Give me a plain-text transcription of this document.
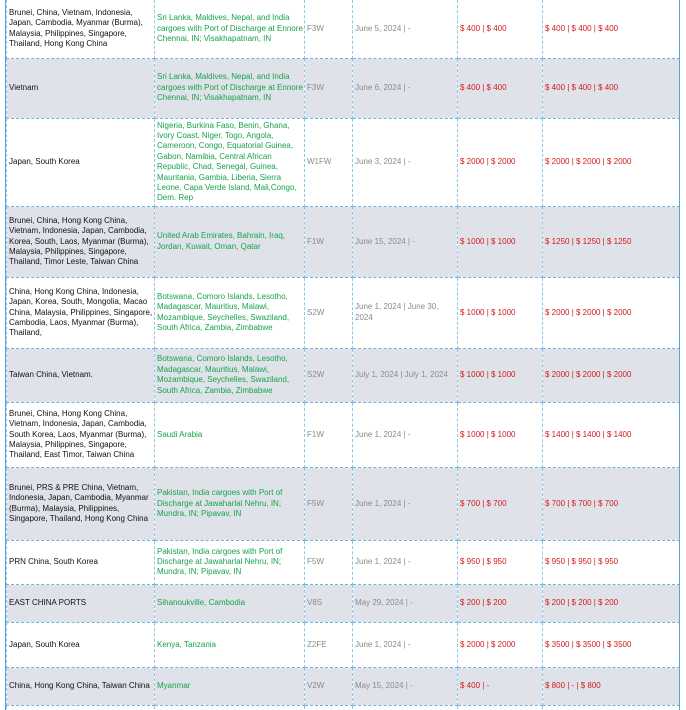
Brunei, China, Vietnam, Indonesia, Japan, Cambodia, Myanmar (Burma), Malaysia, Philippines, Singapore, Thailand, Hong Kong China	Sri Lanka, Maldives, Nepal, and India cargoes with Port of Discharge at Ennore Chennai, IN; Visakhapatnam, IN	F3W	June 5, 2024 | -	$ 400 | $ 400	$ 400 | $ 400 | $ 400
Vietnam	Sri Lanka, Maldives, Nepal, and India cargoes with Port of Discharge at Ennore Chennai, IN; Visakhapatnam, IN	F3W	June 6, 2024 | -	$ 400 | $ 400	$ 400 | $ 400 | $ 400
Japan, South Korea	Nigeria, Burkina Faso, Benin, Ghana, Ivory Coast, Niger, Togo, Angola, Cameroon, Congo, Equatorial Guinea, Gabon, Namibia, Central African Republic, Chad, Senegal, Guinea, Mauritania, Gambia, Liberia, Sierra Leone, Capa Verde Island, Mali,Congo, Dem. Rep	W1FW	June 3, 2024 | -	$ 2000 | $ 2000	$ 2000 | $ 2000 | $ 2000
Brunei, China, Hong Kong China, Vietnam, Indonesia, Japan, Cambodia, Korea, South, Laos, Myanmar (Burma), Malaysia, Philippines, Singapore, Thailand, Timor Leste, Taiwan China	United Arab Emirates, Bahrain, Iraq, Jordan, Kuwait, Oman, Qatar	F1W	June 15, 2024 | -	$ 1000 | $ 1000	$ 1250 | $ 1250 | $ 1250
China, Hong Kong China, Indonesia, Japan, Korea, South, Mongolia, Macao China, Malaysia, Philippines, Singapore, Cambodia, Laos, Myanmar (Burma), Thailand,	Botswana, Comoro Islands, Lesotho, Madagascar, Mauritius, Malawi, Mozambique, Seychelles, Swaziland, South Africa, Zambia, Zimbabwe	S2W	June 1, 2024 | June 30, 2024	$ 1000 | $ 1000	$ 2000 | $ 2000 | $ 2000
Taiwan China, Vietnam.	Botswana, Comoro Islands, Lesotho, Madagascar, Mauritius, Malawi, Mozambique, Seychelles, Swaziland, South Africa, Zambia, Zimbabwe	S2W	July 1, 2024 | July 1, 2024	$ 1000 | $ 1000	$ 2000 | $ 2000 | $ 2000
Brunei, China, Hong Kong China, Vietnam, Indonesia, Japan, Cambodia, South Korea, Laos, Myanmar (Burma), Malaysia, Philippines, Singapore, Thailand, East Timor, Taiwan China	Saudi Arabia	F1W	June 1, 2024 | -	$ 1000 | $ 1000	$ 1400 | $ 1400 | $ 1400
Brunei, PRS & PRE China, Vietnam, Indonesia, Japan, Cambodia, Myanmar (Burma), Malaysia, Philippines, Singapore, Thailand, Hong Kong China	Pakistan, India cargoes with Port of Discharge at Jawaharlal Nehru, IN; Mundra, IN; Pipavav, IN	F5W	June 1, 2024 | -	$ 700 | $ 700	$ 700 | $ 700 | $ 700
PRN China, South Korea	Pakistan, India cargoes with Port of Discharge at Jawaharlal Nehru, IN; Mundra, IN; Pipavav, IN	F5W	June 1, 2024 | -	$ 950 | $ 950	$ 950 | $ 950 | $ 950
EAST CHINA PORTS	Sihanoukville, Cambodia	V8S	May 29, 2024 | -	$ 200 | $ 200	$ 200 | $ 200 | $ 200
Japan, South Korea	Kenya, Tanzania	Z2FE	June 1, 2024 | -	$ 2000 | $ 2000	$ 3500 | $ 3500 | $ 3500
China, Hong Kong China, Taiwan China	Myanmar	V2W	May 15, 2024 | -	$ 400 | -	$ 800 | - | $ 800
